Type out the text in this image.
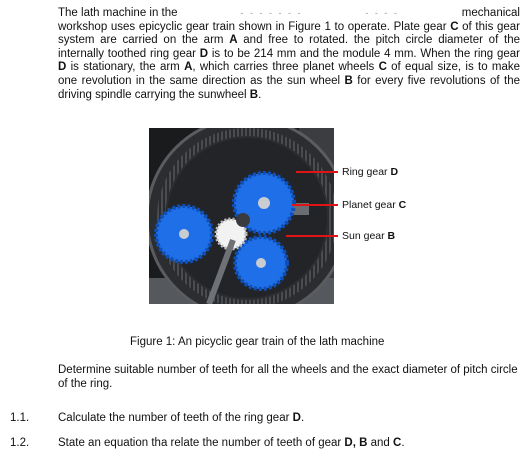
The lath machine in the	- - - - - - -	- - - -	mechanical
workshop uses epicyclic gear train shown in Figure 1 to operate. Plate gear C of this gear system are carried on the arm A and free to rotated. the pitch circle diameter of the internally toothed ring gear D is to be 214 mm and the module 4 mm. When the ring gear D is stationary, the arm A, which carries three planet wheels C of equal size, is to make one revolution in the same direction as the sun wheel B for every five revolutions of the driving spindle carrying the sunwheel B.
Ring gear D
Planet gear C
Sun gear B
Figure 1: An picyclic gear train of the lath machine

Determine suitable number of teeth for all the wheels and the exact diameter of pitch circle of the ring.

1.1.	Calculate the number of teeth of the ring gear D.
1.2.	State an equation tha relate the number of teeth of gear D, B and C.
